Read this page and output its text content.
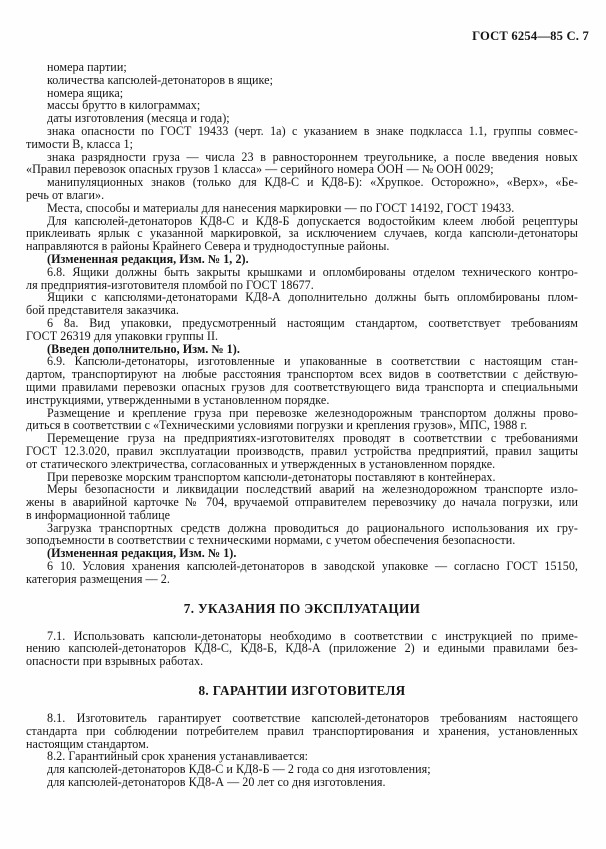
ГОСТ 6254—85 С. 7
номера партии;
количества капсюлей-детонаторов в ящике;
номера ящика;
массы брутто в килограммах;
даты изготовления (месяца и года);
знака опасности по ГОСТ 19433 (черт. 1а) с указанием в знаке подкласса 1.1, группы совмес-
тимости В, класса 1;
знака разрядности груза — числа 23 в равностороннем треугольнике, а после введения новых
«Правил перевозок опасных грузов 1 класса» — серийного номера ООН — № ООН 0029;
манипуляционных знаков (только для КД8-С и КД8-Б): «Хрупкое. Осторожно», «Верх», «Бе-
речь от влаги».
Места, способы и материалы для нанесения маркировки — по ГОСТ 14192, ГОСТ 19433.
Для капсюлей-детонаторов КД8-С и КД8-Б допускается водостойким клеем любой рецептуры
приклеивать ярлык с указанной маркировкой, за исключением случаев, когда капсюли-детонаторы
направляются в районы Крайнего Севера и труднодоступные районы.
(Измененная редакция, Изм. № 1, 2).
6.8. Ящики должны быть закрыты крышками и опломбированы отделом технического контро-
ля предприятия-изготовителя пломбой по ГОСТ 18677.
Ящики с капсюлями-детонаторами КД8-А дополнительно должны быть опломбированы плом-
бой представителя заказчика.
6 8а. Вид упаковки, предусмотренный настоящим стандартом, соответствует требованиям
ГОСТ 26319 для упаковки группы II.
(Введен дополнительно, Изм. № 1).
6.9. Капсюли-детонаторы, изготовленные и упакованные в соответствии с настоящим стан-
дартом, транспортируют на любые расстояния транспортом всех видов в соответствии с действую-
щими правилами перевозки опасных грузов для соответствующего вида транспорта и специальными
инструкциями, утвержденными в установленном порядке.
Размещение и крепление груза при перевозке железнодорожным транспортом должны прово-
диться в соответствии с «Техническими условиями погрузки и крепления грузов», МПС, 1988 г.
Перемещение груза на предприятиях-изготовителях проводят в соответствии с требованиями
ГОСТ 12.3.020, правил эксплуатации производств, правил устройства предприятий, правил защиты
от статического электричества, согласованных и утвержденных в установленном порядке.
При перевозке морским транспортом капсюли-детонаторы поставляют в контейнерах.
Меры безопасности и ликвидации последствий аварий на железнодорожном транспорте изло-
жены в аварийной карточке № 704, вручаемой отправителем перевозчику до начала погрузки, или
в информационной таблице
Загрузка транспортных средств должна проводиться до рационального использования их гру-
зоподъемности в соответствии с техническими нормами, с учетом обеспечения безопасности.
(Измененная редакция, Изм. № 1).
6 10. Условия хранения капсюлей-детонаторов в заводской упаковке — согласно ГОСТ 15150,
категория размещения — 2.
7. УКАЗАНИЯ ПО ЭКСПЛУАТАЦИИ
7.1. Использовать капсюли-детонаторы необходимо в соответствии с инструкцией по приме-
нению капсюлей-детонаторов КД8-С, КД8-Б, КД8-А (приложение 2) и едиными правилами без-
опасности при взрывных работах.
8. ГАРАНТИИ ИЗГОТОВИТЕЛЯ
8.1. Изготовитель гарантирует соответствие капсюлей-детонаторов требованиям настоящего
стандарта при соблюдении потребителем правил транспортирования и хранения, установленных
настоящим стандартом.
8.2. Гарантийный срок хранения устанавливается:
для капсюлей-детонаторов КД8-С и КД8-Б — 2 года со дня изготовления;
для капсюлей-детонаторов КД8-А — 20 лет со дня изготовления.
